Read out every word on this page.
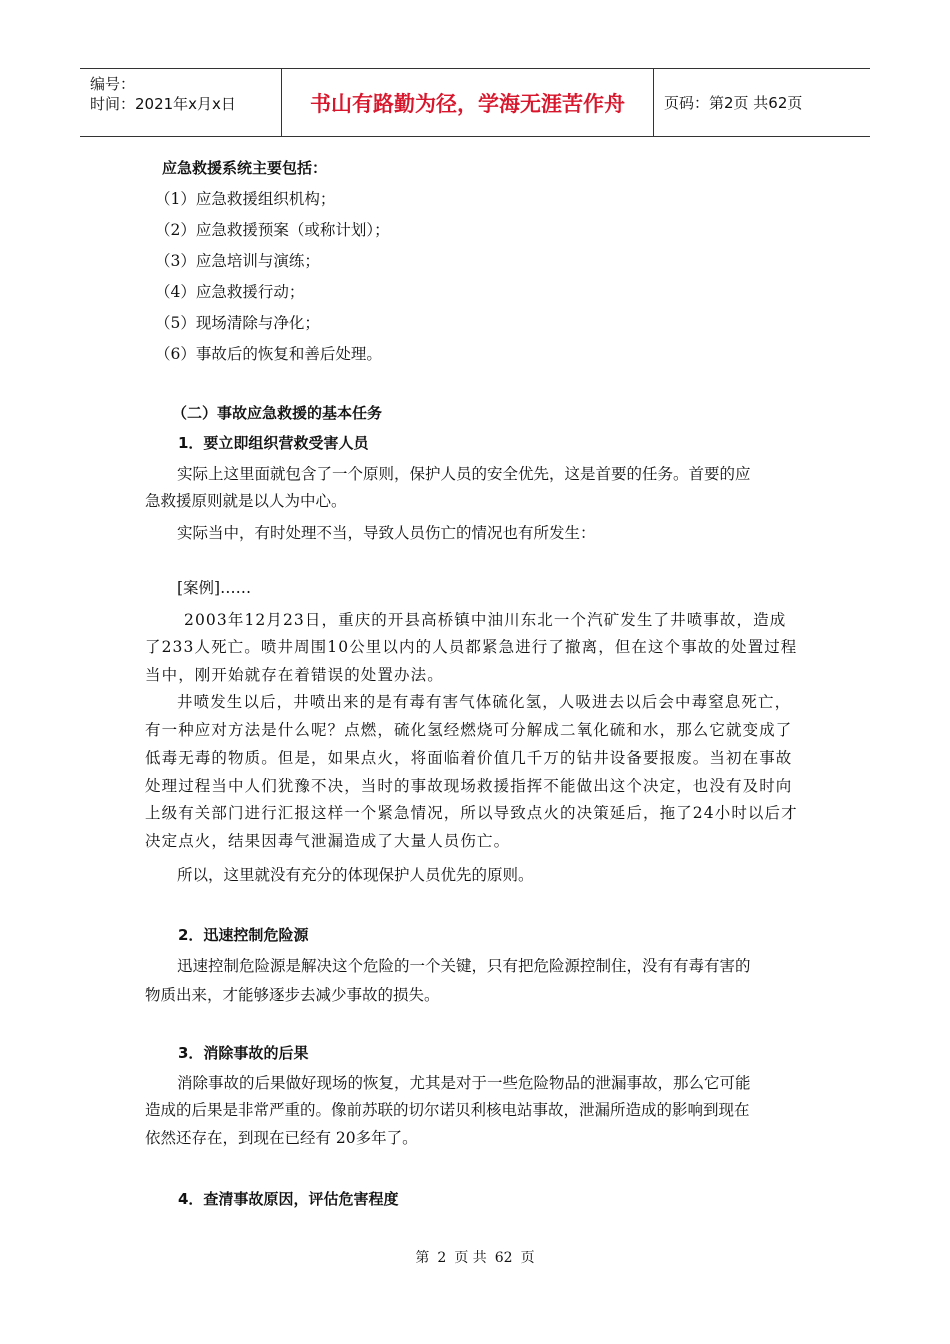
编号：
时间：2021年x月x日	书山有路勤为径，学海无涯苦作舟	页码：第2页 共62页
应急救援系统主要包括：
（1）应急救援组织机构；
（2）应急救援预案（或称计划）；
（3）应急培训与演练；
（4）应急救援行动；
（5）现场清除与净化；
（6）事故后的恢复和善后处理。
（二）事故应急救援的基本任务
1．要立即组织营救受害人员
实际上这里面就包含了一个原则，保护人员的安全优先，这是首要的任务。首要的应
急救援原则就是以人为中心。
实际当中，有时处理不当，导致人员伤亡的情况也有所发生：
[案例]……
2003年12月23日，重庆的开县高桥镇中油川东北一个汽矿发生了井喷事故，造成
了233人死亡。喷井周围10公里以内的人员都紧急进行了撤离，但在这个事故的处置过程
当中，刚开始就存在着错误的处置办法。
井喷发生以后，井喷出来的是有毒有害气体硫化氢，人吸进去以后会中毒窒息死亡，
有一种应对方法是什么呢？点燃，硫化氢经燃烧可分解成二氧化硫和水，那么它就变成了
低毒无毒的物质。但是，如果点火，将面临着价值几千万的钻井设备要报废。当初在事故
处理过程当中人们犹豫不决，当时的事故现场救援指挥不能做出这个决定，也没有及时向
上级有关部门进行汇报这样一个紧急情况，所以导致点火的决策延后，拖了24小时以后才
决定点火，结果因毒气泄漏造成了大量人员伤亡。
所以，这里就没有充分的体现保护人员优先的原则。
2．迅速控制危险源
迅速控制危险源是解决这个危险的一个关键，只有把危险源控制住，没有有毒有害的
物质出来，才能够逐步去减少事故的损失。
3．消除事故的后果
消除事故的后果做好现场的恢复，尤其是对于一些危险物品的泄漏事故，那么它可能
造成的后果是非常严重的。像前苏联的切尔诺贝利核电站事故，泄漏所造成的影响到现在
依然还存在，到现在已经有 20多年了。
4．查清事故原因，评估危害程度
第 2 页 共 62 页
